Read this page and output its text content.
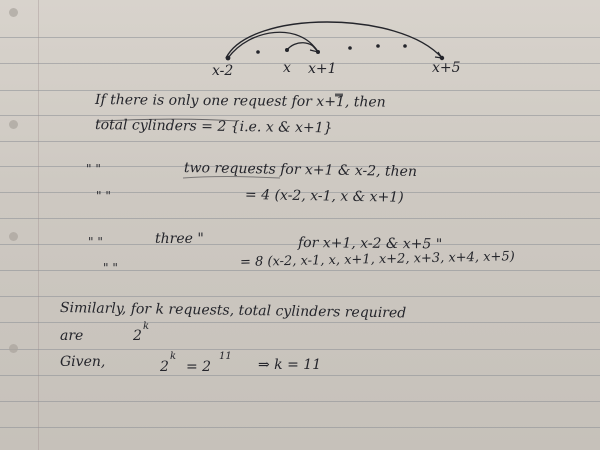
x-2	x x+1	x+5
If there is only one request for x+1, then
total cylinders = 2 {i.e. x & x+1}
" "	two requests for x+1 & x-2, then
" "	= 4 (x-2, x-1, x & x+1)
" "	three "	for x+1, x-2 & x+5 "
" "	= 8 (x-2, x-1, x, x+1, x+2, x+3, x+4, x+5)
Similarly, for k requests, total cylinders required
are	2
k
Given,	2
k
= 2
11
⇒ k = 11
